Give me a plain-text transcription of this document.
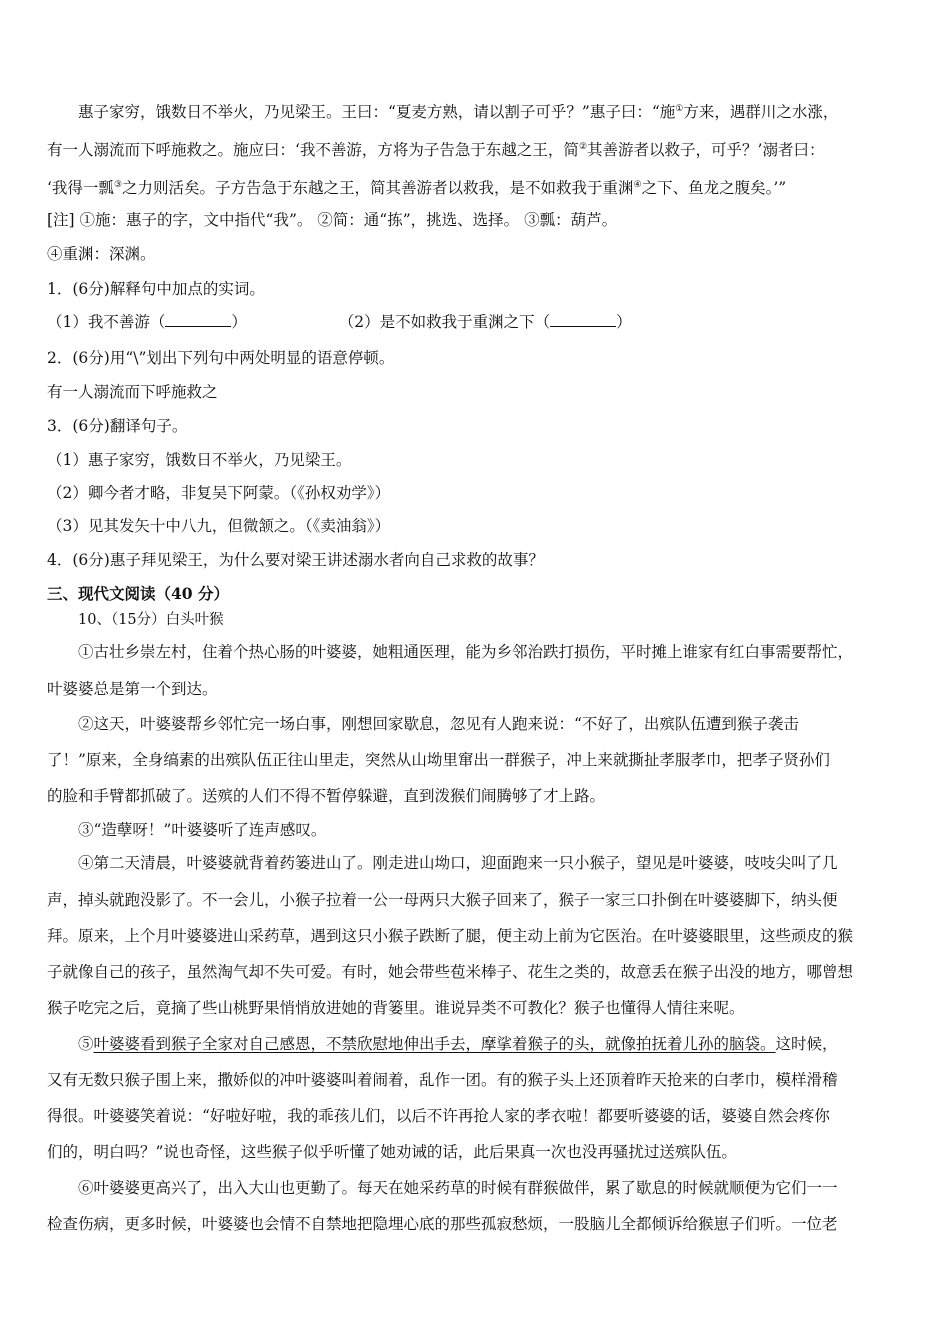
惠子家穷，饿数日不举火，乃见梁王。王曰：“夏麦方熟，请以割子可乎？”惠子曰：“施①方来，遇群川之水涨，
有一人溺流而下呼施救之。施应曰：‘我不善游，方将为子告急于东越之王，简②其善游者以救子，可乎？’溺者曰：
‘我得一瓢③之力则活矣。子方告急于东越之王，简其善游者以救我，是不如救我于重渊④之下、鱼龙之腹矣。’”
[注] ①施：惠子的字，文中指代“我”。 ②简：通“拣”，挑选、选择。 ③瓢：葫芦。
④重渊：深渊。
1．(6分)解释句中加点的实词。
（1）我不善游（	）	（2）是不如救我于重渊之下（	）
2．(6分)用“\”划出下列句中两处明显的语意停顿。
有一人溺流而下呼施救之
3．(6分)翻译句子。
（1）惠子家穷，饿数日不举火，乃见梁王。
（2）卿今者才略，非复吴下阿蒙。（《孙权劝学》）
（3）见其发矢十中八九，但微颔之。（《卖油翁》）
4．(6分)惠子拜见梁王，为什么要对梁王讲述溺水者向自己求救的故事？
三、现代文阅读（40 分）
10、（15分）白头叶猴
①古壮乡崇左村，住着个热心肠的叶婆婆，她粗通医理，能为乡邻治跌打损伤，平时摊上谁家有红白事需要帮忙，
叶婆婆总是第一个到达。
②这天，叶婆婆帮乡邻忙完一场白事，刚想回家歇息，忽见有人跑来说：“不好了，出殡队伍遭到猴子袭击
了！”原来，全身缟素的出殡队伍正往山里走，突然从山坳里窜出一群猴子，冲上来就撕扯孝服孝巾，把孝子贤孙们
的脸和手臂都抓破了。送殡的人们不得不暂停躲避，直到泼猴们闹腾够了才上路。
③“造孽呀！”叶婆婆听了连声感叹。
④第二天清晨，叶婆婆就背着药篓进山了。刚走进山坳口，迎面跑来一只小猴子，望见是叶婆婆，吱吱尖叫了几
声，掉头就跑没影了。不一会儿，小猴子拉着一公一母两只大猴子回来了，猴子一家三口扑倒在叶婆婆脚下，纳头便
拜。原来，上个月叶婆婆进山采药草，遇到这只小猴子跌断了腿，便主动上前为它医治。在叶婆婆眼里，这些顽皮的猴
子就像自己的孩子，虽然淘气却不失可爱。有时，她会带些苞米棒子、花生之类的，故意丢在猴子出没的地方，哪曾想
猴子吃完之后，竟摘了些山桃野果悄悄放进她的背篓里。谁说异类不可教化？猴子也懂得人情往来呢。
⑤叶婆婆看到猴子全家对自己感恩，不禁欣慰地伸出手去，摩挲着猴子的头，就像拍抚着儿孙的脑袋。这时候，
又有无数只猴子围上来，撒娇似的冲叶婆婆叫着闹着，乱作一团。有的猴子头上还顶着昨天抢来的白孝巾，模样滑稽
得很。叶婆婆笑着说：“好啦好啦，我的乖孩儿们，以后不许再抢人家的孝衣啦！都要听婆婆的话，婆婆自然会疼你
们的，明白吗？”说也奇怪，这些猴子似乎听懂了她劝诫的话，此后果真一次也没再骚扰过送殡队伍。
⑥叶婆婆更高兴了，出入大山也更勤了。每天在她采药草的时候有群猴做伴，累了歇息的时候就顺便为它们一一
检查伤病，更多时候，叶婆婆也会情不自禁地把隐埋心底的那些孤寂愁烦，一股脑儿全都倾诉给猴崽子们听。一位老
